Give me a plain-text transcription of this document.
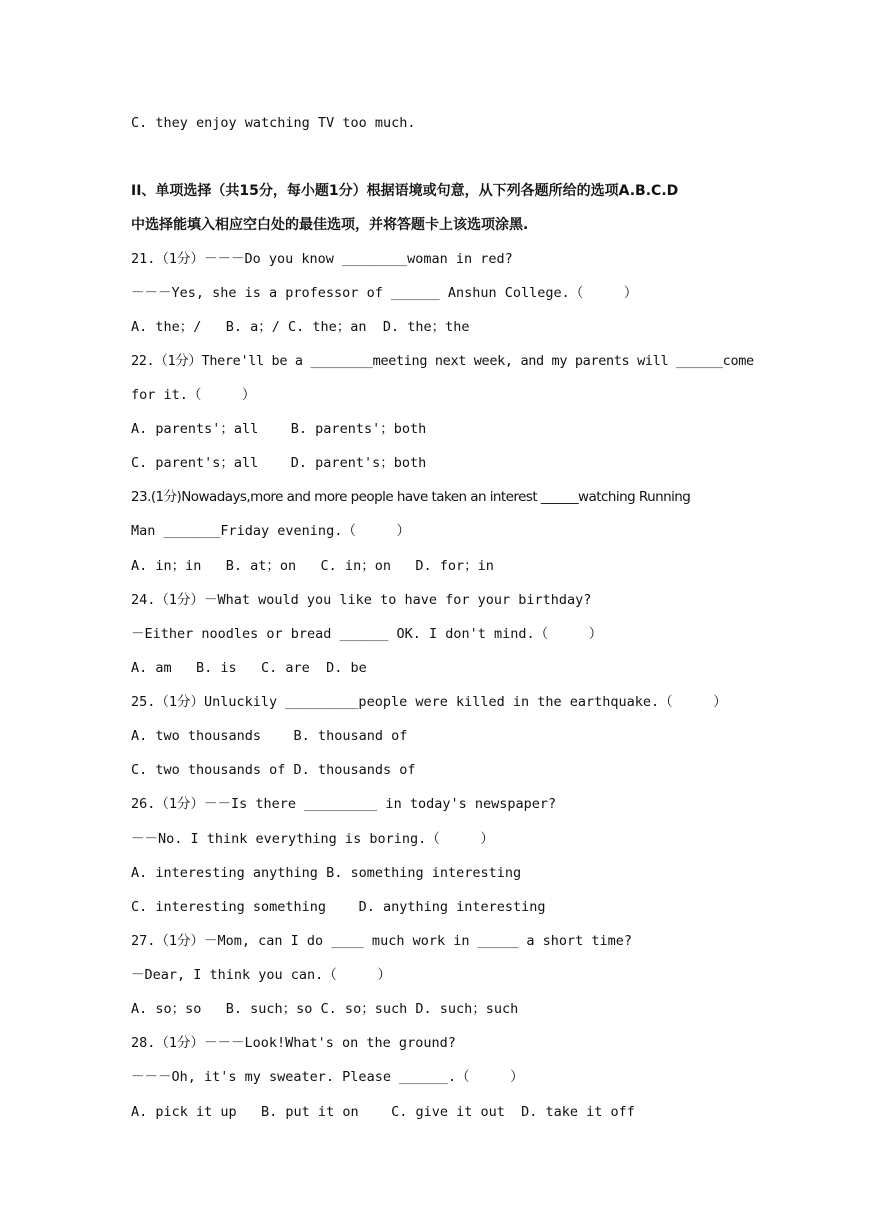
C. they enjoy watching TV too much.
II、单项选择（共15分，每小题1分）根据语境或句意，从下列各题所给的选项A.B.C.D
中选择能填入相应空白处的最佳选项，并将答题卡上该选项涂黑.
21.（1分）－－－Do you know ________woman in red?
－－－Yes, she is a professor of ______ Anshun College.（     ）
A. the；/   B. a；/ C. the；an  D. the；the
22.（1分）There'll be a ________meeting next week, and my parents will ______come
for it.（     ）
A. parents'；all    B. parents'；both
C. parent's；all    D. parent's；both
23.(1分)Nowadays,more and more people have taken an interest ______watching Running
Man _______Friday evening.（     ）
A. in；in   B. at；on   C. in；on   D. for；in
24.（1分）－What would you like to have for your birthday?
－Either noodles or bread ______ OK. I don't mind.（     ）
A. am   B. is   C. are  D. be
25.（1分）Unluckily _________people were killed in the earthquake.（     ）
A. two thousands    B. thousand of
C. two thousands of D. thousands of
26.（1分）－－Is there _________ in today's newspaper?
－－No. I think everything is boring.（     ）
A. interesting anything B. something interesting
C. interesting something    D. anything interesting
27.（1分）－Mom, can I do ____ much work in _____ a short time?
－Dear, I think you can.（     ）
A. so；so   B. such；so C. so；such D. such；such
28.（1分）－－－Look!What's on the ground?
－－－Oh, it's my sweater. Please ______.（     ）
A. pick it up   B. put it on    C. give it out  D. take it off
